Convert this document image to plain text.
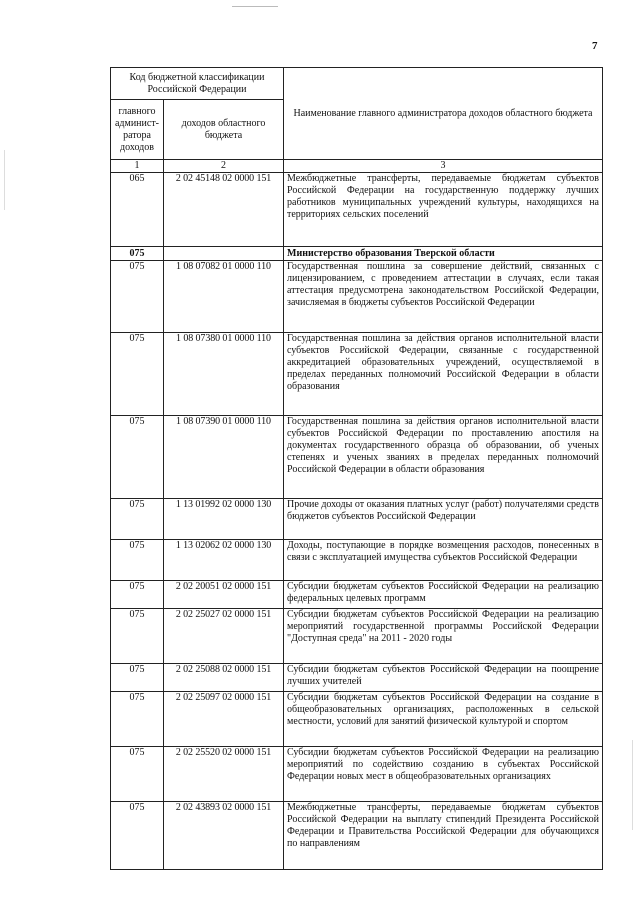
7
Код бюджетной классификации Российской Федерации		Наименование главного администратора доходов областного бюджета
главного админист-ратора доходов	доходов областного бюджета	
1	2	3
065	2 02 45148 02 0000 151	Межбюджетные трансферты, передаваемые бюджетам субъектов Российской Федерации на государственную поддержку лучших работников муниципальных учреждений культуры, находящихся на территориях сельских поселений
075		Министерство образования Тверской области
075	1 08 07082 01 0000 110	Государственная пошлина за совершение действий, связанных с лицензированием, с проведением аттестации в случаях, если такая аттестация предусмотрена законодательством Российской Федерации, зачисляемая в бюджеты субъектов Российской Федерации
075	1 08 07380 01 0000 110	Государственная пошлина за действия органов исполнительной власти субъектов Российской Федерации, связанные с государственной аккредитацией образовательных учреждений, осуществляемой в пределах переданных полномочий Российской Федерации в области образования
075	1 08 07390 01 0000 110	Государственная пошлина за действия органов исполнительной власти субъектов Российской Федерации по проставлению апостиля на документах государственного образца об образовании, об ученых степенях и ученых званиях в пределах переданных полномочий Российской Федерации в области образования
075	1 13 01992 02 0000 130	Прочие доходы от оказания платных услуг (работ) получателями средств бюджетов субъектов Российской Федерации
075	1 13 02062 02 0000 130	Доходы, поступающие в порядке возмещения расходов, понесенных в связи с эксплуатацией имущества субъектов Российской Федерации
075	2 02 20051 02 0000 151	Субсидии бюджетам субъектов Российской Федерации на реализацию федеральных целевых программ
075	2 02 25027 02 0000 151	Субсидии бюджетам субъектов Российской Федерации на реализацию мероприятий государственной программы Российской Федерации "Доступная среда" на 2011 - 2020 годы
075	2 02 25088 02 0000 151	Субсидии бюджетам субъектов Российской Федерации на поощрение лучших учителей
075	2 02 25097 02 0000 151	Субсидии бюджетам субъектов Российской Федерации на создание в общеобразовательных организациях, расположенных в сельской местности, условий для занятий физической культурой и спортом
075	2 02 25520 02 0000 151	Субсидии бюджетам субъектов Российской Федерации на реализацию мероприятий по содействию созданию в субъектах Российской Федерации новых мест в общеобразовательных организациях
075	2 02 43893 02 0000 151	Межбюджетные трансферты, передаваемые бюджетам субъектов Российской Федерации на выплату стипендий Президента Российской Федерации и Правительства Российской Федерации для обучающихся по направлениям
